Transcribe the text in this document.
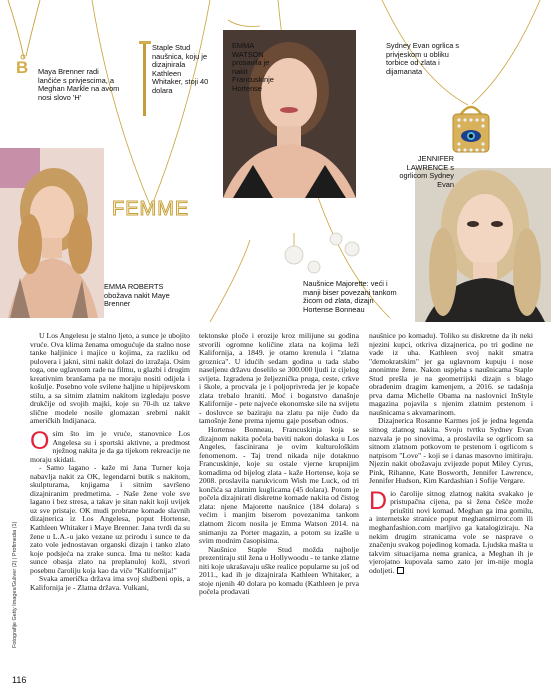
B
FEMME
Maya Brenner radi lančiće s privjescima, a Meghan Markle na avom nosi slovo 'H'
Staple Stud naušnica, koju je dizajnirala Kathleen Whitaker, stoji 40 dolara
EMMA WATSON prosavila je nakit Francuskinje Hortense
Sydney Evan ogrlica s privjeskom u obliku torbice od zlata i dijamanata
JENNIFER LAWRENCE s ogrlicom Sydney Evan
EMMA ROBERTS obožava nakit Maye Brenner
Naušnice Majorette: veći i manji biser povezani tankom žicom od zlata, dizajn Hortense Bonneau
Fotografije Getty Images/Guliver (2) | Profimedia (1)

U Los Angelesu je stalno ljeto, a sunce je ubojito vruće. Ova klima ženama omogućuje da stalno nose tanke haljinice i majice u kojima, za razliku od pulovera i jakni, sitni nakit dolazi do izražaja. Osim toga, one uglavnom rade na filmu, u glazbi i drugim kreativnim branšama pa ne moraju nositi odijela i košulje. Posebno vole svilene haljine u hipijevskom stilu, a sa sitnim zlatnim nakitom izgledaju posve drukčije od svojih majki, koje su 70-ih uz takve slične modele nosile glomazan srebrni nakit američkih Indijanaca.

Osim što im je vruće, stanovnice Los Angelesa su i sportski aktivne, a predmost nježnog nakita je da ga tijekom rekreacije ne moraju skidati.

- Samo lagano - kaže mi Jana Turner koja nabavlja nakit za OK, legendarni butik s nakitom, skulpturama, knjigama i sitnim savršeno dizajniranim predmetima. - Naše žene vole sve lagano i bez stresa, a takav je sitan nakit koji uvijek uz sve pristaje. OK mudi probrane komade slavnih dizajnerica iz Los Angelesa, poput Hortense, Kathleen Whitaker i Maye Brenner. Jana tvrdi da su žene u L.A.-u jako vezane uz prirodu i sunce te da zato vole jednostavan organski dizajn i tanko zlato koje podsjeća na zrake sunca. Ima tu nešto: kada sunce obasja zlato na preplanuloj koži, stvori posebnu čaroliju koja kao da viče "Kalifornija!"

Svaka američka država ima svoj službeni opis, a Kalifornija je - Zlatna država. Vulkani,

tektonske ploče i erozije kroz milijune su godina stvorili ogromne količine zlata na kojima leži Kalifornija, a 1849. je otamo krenula i "zlatna groznica". U idućih sedam godina u tada slabo naseljenu državu doselilo se 300.000 ljudi iz cijelog svijeta. Izgradena je željeznička pruga, ceste, crkve i škole, a procvala je i poljoprivreda jer je kopače zlata trebalo hraniti. Moć i bogatstvo današnje Kalifornije - pete najveće ekonomske sile na svijetu - dosluvce se baziraju na zlatu pa nije čudo da tamošnje žene prema njemu gaje poseban odnos.

Hortense Bonneau, Francuskinja koja se dizajnom nakita počela baviti nakon dolaska u Los Angeles, fascinirana je ovim kulturološkim fenomenom. - Taj trend nikada nije dotaknuo Francuskinje, koje su ostale vjerne krupnijim komadima od bijelog zlata - kaže Hortense, koja se 2008. proslavila narukvicom Wish me Luck, od tri končića sa zlatnim kuglicama (45 dolara). Potom je počela dizajnirati diskretne komade nakita od čistog zlata: njene Majorette naušnice (184 dolara) s većim i manjim biserom povezanima tankom zlatnom žicom nosila je Emma Watson 2014. na snimanju za Porter magazin, a potom su izašle u svim modnim časopisima.

Naušnice Staple Stud možda najbolje prezentiraju stil žena u Hollywoodu - te tanke zlatne niti koje ukrašavaju uške realice popularne su još od 2011., kad ih je dizajnirala Kathleen Whitaker, a stoje njenih 40 dolara po komadu (Kathleen je prva počela prodavati

naušnice po komadu). Toliko su diskretne da ih neki njezini kupci, otkriva dizajnerica, po tri godine ne vade iz uha. Kathleen svoj nakit smatra "demokratskim" jer ga uglavnom kupuju i nose anonimne žene. Nakon uspjeha s naušnicama Staple Stud prešla je na geometrijski dizajn s blago obrađenim dragim kamenjem, a 2016. se tadašnja prva dama Michelle Obama na naslovnici InStyle magazina pojavila s njenim zlatnim prstenom i naušnicama s akvamarinom.

Dizajnerica Rosanne Karmes još je jedna legenda sitnog zlatnog nakita. Svoju tvrtku Sydney Evan nazvala je po sinovima, a proslavila se ogrlicom sa sitnom zlatnom potkovom te prstenom i ogrlicom s natpisom "Love" - koji se i danas masovno imitiraju. Njezin nakit obožavaju zvijezde poput Miley Cyrus, Pink, Rihanne, Kate Bosworth, Jennifer Lawrence, Jennifer Hudson, Kim Kardashian i Sofije Vergare.

Dio čarolije sitnog zlatnog nakita svakako je pristupačna cijena, pa si žena češće može priuštiti novi komad. Meghan ga ima gomilu, a internetske stranice poput meghansmirror.com ili meghanfashion.com marljivo ga katalogiziraju. Na nekim drugim stranicama vole se nasprave o značenju svakog pojedinog komada. Ljudska mašta u takvim situacijama nema granica, a Meghan ih je vjerojatno kupovala samo zato jer im-nije mogla odoljeti.

116
